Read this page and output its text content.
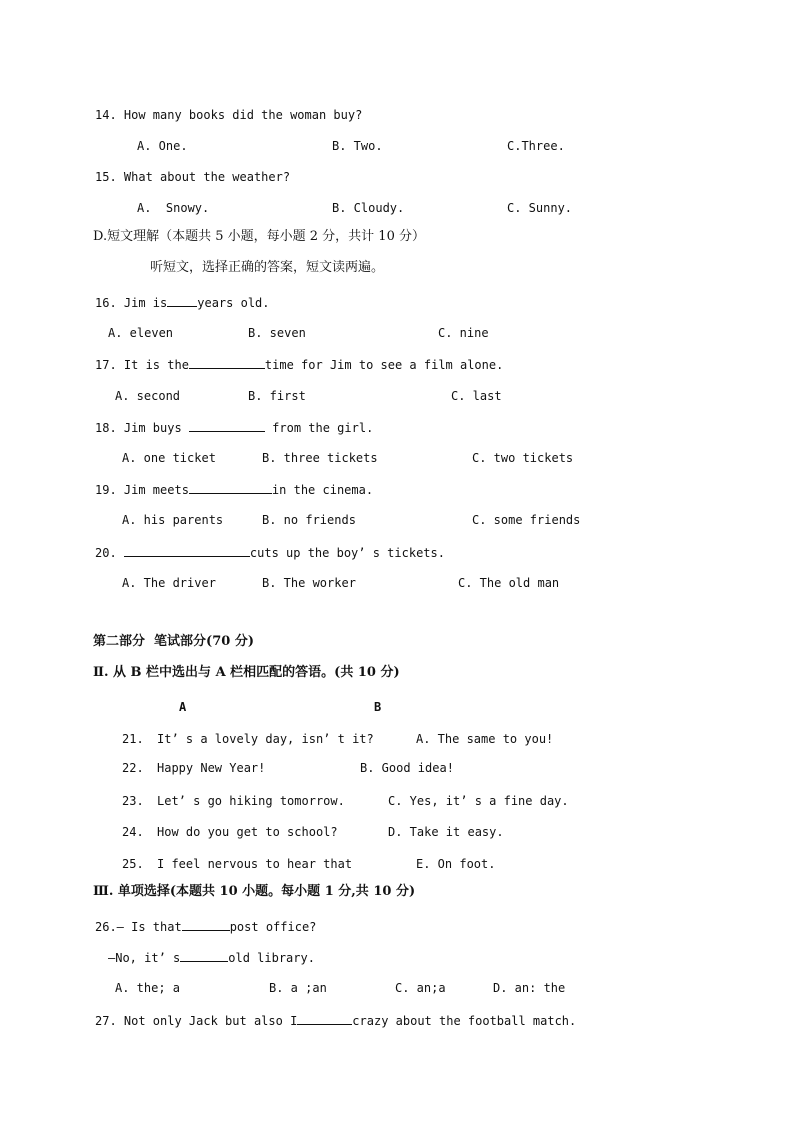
14. How many books did the woman buy?
A. One.	B. Two.	C.Three.
15. What about the weather?
A.  Snowy.	B. Cloudy.	C. Sunny.
D.短文理解（本题共 5 小题，每小题 2 分，共计 10 分）
听短文，选择正确的答案，短文读两遍。
16. Jim is	years old.
A. eleven	B. seven	C. nine
17. It is the	time for Jim to see a film alone.
A. second	B. first	C. last
18. Jim buys	from the girl.
A. one ticket	B. three tickets	C. two tickets
19. Jim meets	in the cinema.
A. his parents	B. no friends	C. some friends
20.	cuts up the boy’ s tickets.
A. The driver	B. The worker	C. The old man
第二部分  笔试部分(70 分)
Ⅱ. 从 B 栏中选出与 A 栏相匹配的答语。(共 10 分)
A	B
21. It’ s a lovely day, isn’ t it?	A. The same to you!
22. Happy New Year!	B. Good idea!
23. Let’ s go hiking tomorrow.	C. Yes, it’ s a fine day.
24. How do you get to school?	D. Take it easy.
25. I feel nervous to hear that	E. On foot.
Ⅲ. 单项选择(本题共 10 小题。每小题 1 分,共 10 分)
26.— Is that	post office?
—No, it’ s	old library.
A. the; a	B. a ;an	C. an;a	D. an: the
27. Not only Jack but also I	crazy about the football match.
